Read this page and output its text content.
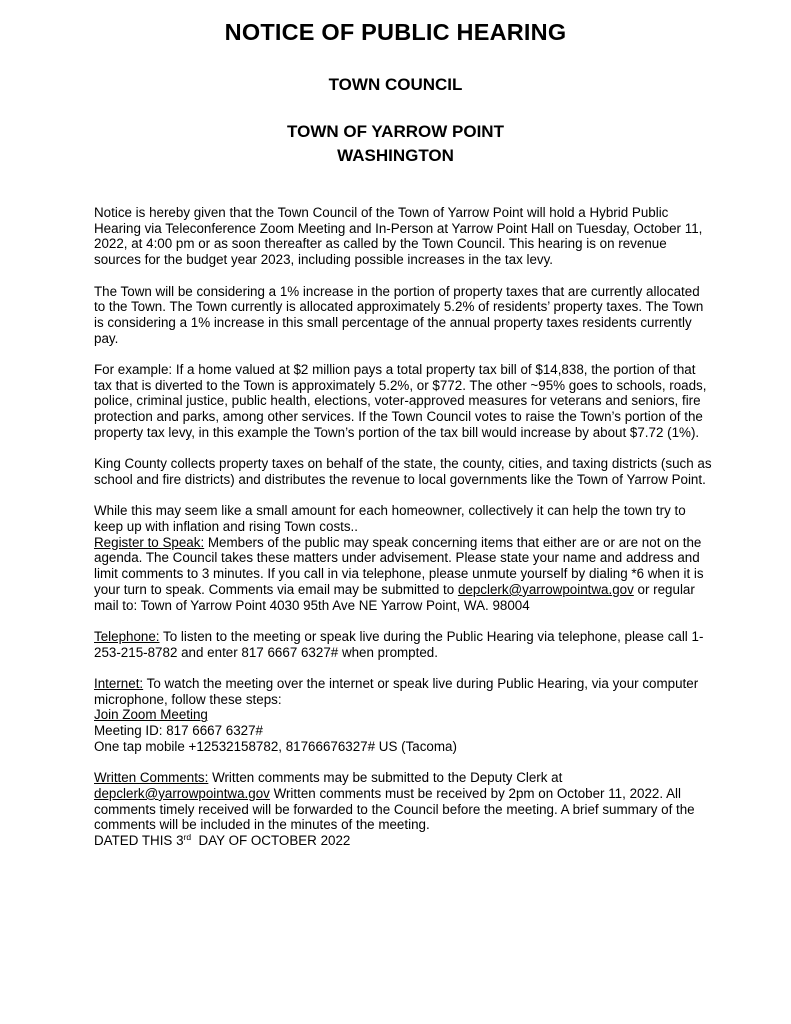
NOTICE OF PUBLIC HEARING
TOWN COUNCIL
TOWN OF YARROW POINT
WASHINGTON

Notice is hereby given that the Town Council of the Town of Yarrow Point will hold a Hybrid Public Hearing via Teleconference Zoom Meeting and In-Person at Yarrow Point Hall on Tuesday, October 11, 2022, at 4:00 pm or as soon thereafter as called by the Town Council. This hearing is on revenue sources for the budget year 2023, including possible increases in the tax levy.

The Town will be considering a 1% increase in the portion of property taxes that are currently allocated to the Town. The Town currently is allocated approximately 5.2% of residents’ property taxes. The Town is considering a 1% increase in this small percentage of the annual property taxes residents currently pay.

For example: If a home valued at $2 million pays a total property tax bill of $14,838, the portion of that tax that is diverted to the Town is approximately 5.2%, or $772. The other ~95% goes to schools, roads, police, criminal justice, public health, elections, voter-approved measures for veterans and seniors, fire protection and parks, among other services. If the Town Council votes to raise the Town’s portion of the property tax levy, in this example the Town’s portion of the tax bill would increase by about $7.72 (1%).

King County collects property taxes on behalf of the state, the county, cities, and taxing districts (such as school and fire districts) and distributes the revenue to local governments like the Town of Yarrow Point.

While this may seem like a small amount for each homeowner, collectively it can help the town try to keep up with inflation and rising Town costs..

Register to Speak: Members of the public may speak concerning items that either are or are not on the agenda. The Council takes these matters under advisement. Please state your name and address and limit comments to 3 minutes. If you call in via telephone, please unmute yourself by dialing *6 when it is your turn to speak. Comments via email may be submitted to depclerk@yarrowpointwa.gov or regular mail to: Town of Yarrow Point 4030 95th Ave NE Yarrow Point, WA. 98004

Telephone: To listen to the meeting or speak live during the Public Hearing via telephone, please call 1-253-215-8782 and enter 817 6667 6327# when prompted.

Internet: To watch the meeting over the internet or speak live during Public Hearing, via your computer microphone, follow these steps:

Join Zoom Meeting

Meeting ID: 817 6667 6327#

One tap mobile +12532158782, 81766676327# US (Tacoma)

Written Comments: Written comments may be submitted to the Deputy Clerk at depclerk@yarrowpointwa.gov Written comments must be received by 2pm on October 11, 2022. All comments timely received will be forwarded to the Council before the meeting. A brief summary of the comments will be included in the minutes of the meeting.

DATED THIS 3rd  DAY OF OCTOBER 2022
